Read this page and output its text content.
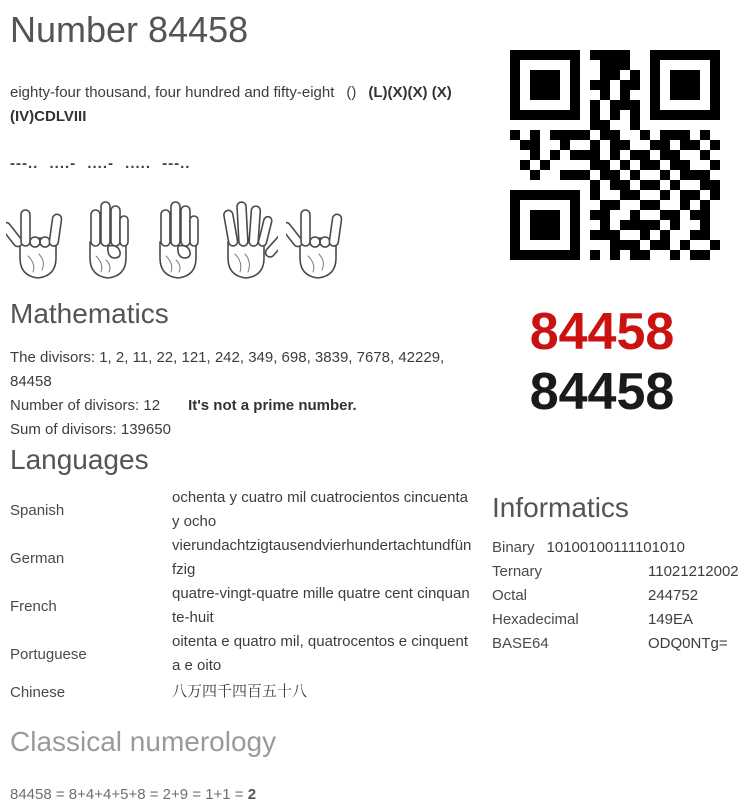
Number 84458

eighty-four thousand, four hundred and fifty-eight () (L)(X)(X) (X)(IV)CDLVIII

---.. ....- ....- ..... ---..
Mathematics

The divisors: 1, 2, 11, 22, 121, 242, 349, 698, 3839, 7678, 42229, 84458

Number of divisors: 12 It's not a prime number.

Sum of divisors: 139650

84458
84458
Languages
Spanish
ochenta y cuatro mil cuatrocientos cincuenta y ocho
German
vierundachtzigtausendvierhundertachtundfünfzig
French
quatre-vingt-quatre mille quatre cent cinquante-huit
Portuguese
oitenta e quatro mil, quatrocentos e cinquenta e oito
Chinese	八万四千四百五十八
Informatics
Binary 10100100111101010
Ternary	11021212002
Octal	244752
Hexadecimal	149EA
BASE64	ODQ0NTg=
Classical numerology

84458 = 8+4+4+5+8 = 2+9 = 1+1 = 2
